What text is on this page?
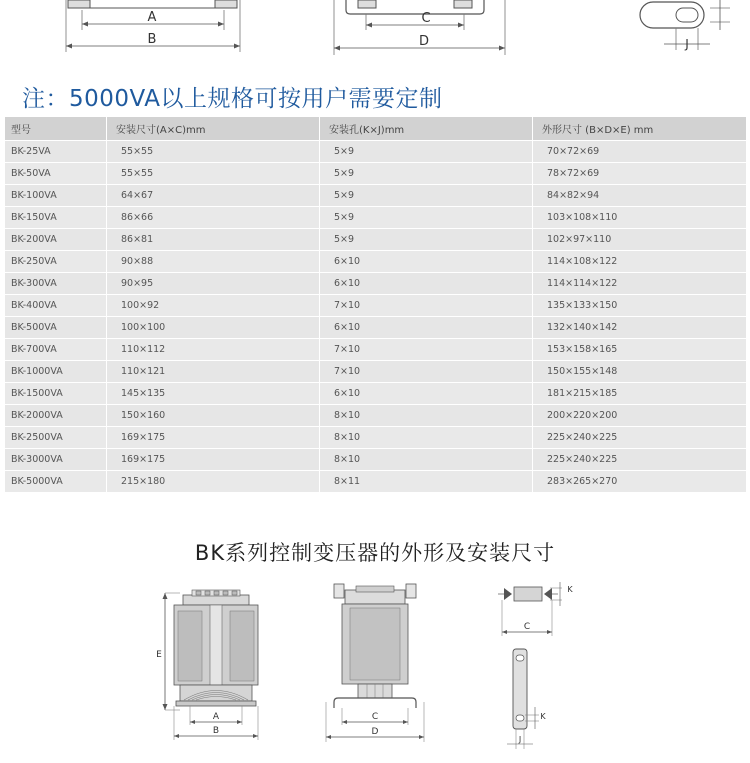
A
B
C
D	J
注：5000VA以上规格可按用户需要定制
型号	安装尺寸(A×C)mm	安装孔(K×J)mm	外形尺寸 (B×D×E) mm
BK-25VA	55×55	5×9	70×72×69
BK-50VA	55×55	5×9	78×72×69
BK-100VA	64×67	5×9	84×82×94
BK-150VA	86×66	5×9	103×108×110
BK-200VA	86×81	5×9	102×97×110
BK-250VA	90×88	6×10	114×108×122
BK-300VA	90×95	6×10	114×114×122
BK-400VA	100×92	7×10	135×133×150
BK-500VA	100×100	6×10	132×140×142
BK-700VA	110×112	7×10	153×158×165
BK-1000VA	110×121	7×10	150×155×148
BK-1500VA	145×135	6×10	181×215×185
BK-2000VA	150×160	8×10	200×220×200
BK-2500VA	169×175	8×10	225×240×225
BK-3000VA	169×175	8×10	225×240×225
BK-5000VA	215×180	8×11	283×265×270
BK系列控制变压器的外形及安装尺寸
E
A
B
C
D
K
C
K
J
